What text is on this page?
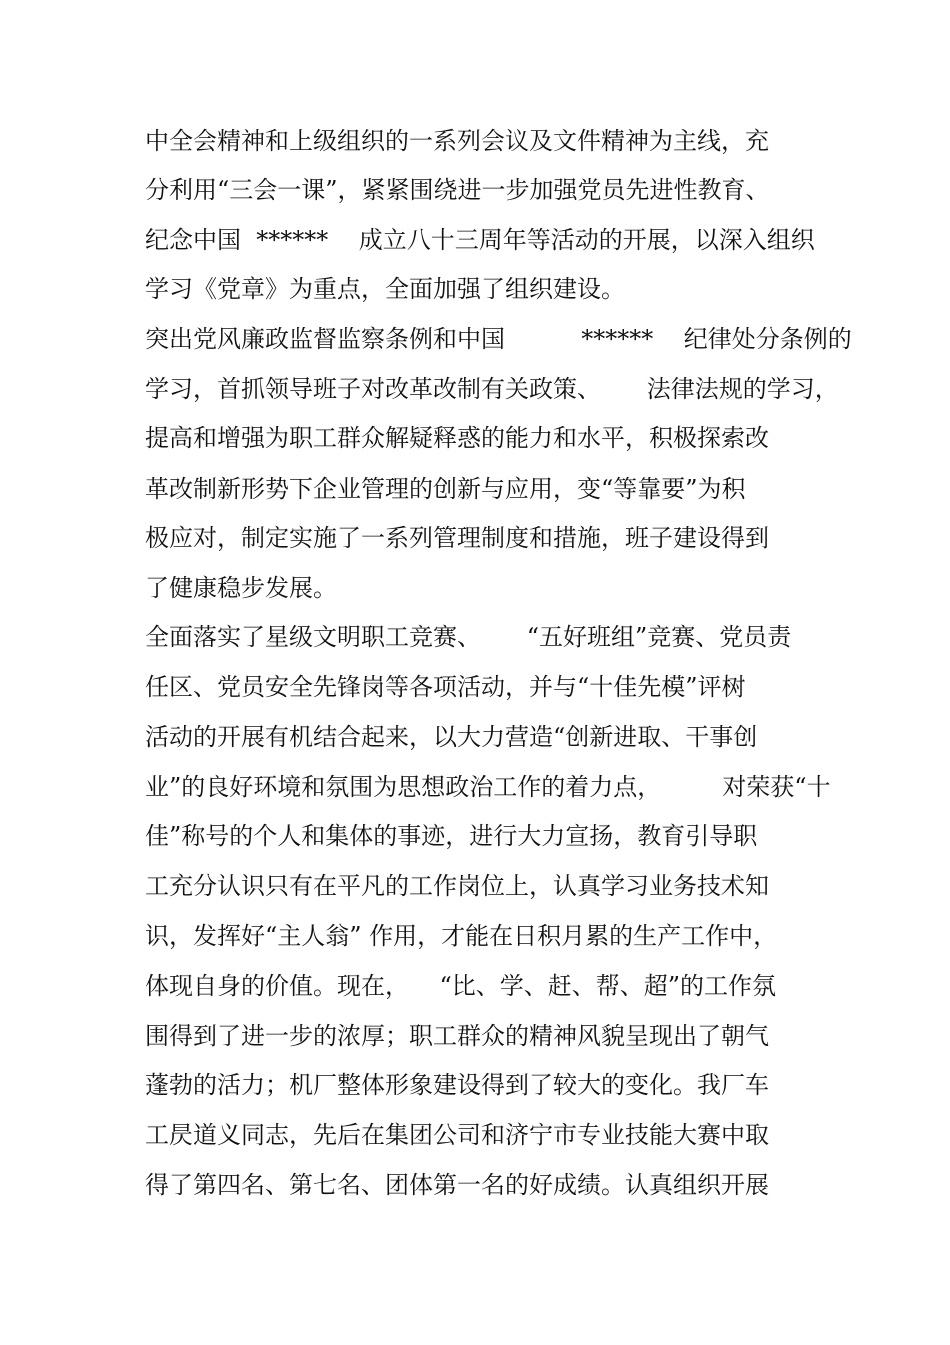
中全会精神和上级组织的一系列会议及文件精神为主线，充
分利用“三会一课”，紧紧围绕进一步加强党员先进性教育、
纪念中国  ******    成立八十三周年等活动的开展，以深入组织
学习《党章》为重点，全面加强了组织建设。
突出党风廉政监督监察条例和中国          ******    纪律处分条例的
学习，首抓领导班子对改革改制有关政策、      法律法规的学习，
提高和增强为职工群众解疑释惑的能力和水平，积极探索改
革改制新形势下企业管理的创新与应用，变“等靠要”为积
极应对，制定实施了一系列管理制度和措施，班子建设得到
了健康稳步发展。
全面落实了星级文明职工竞赛、      “五好班组”竞赛、党员责
任区、党员安全先锋岗等各项活动，并与“十佳先模”评树
活动的开展有机结合起来，以大力营造“创新进取、干事创
业”的良好环境和氛围为思想政治工作的着力点，        对荣获“十
佳”称号的个人和集体的事迹，进行大力宣扬，教育引导职
工充分认识只有在平凡的工作岗位上，认真学习业务技术知
识，发挥好“主人翁” 作用，才能在日积月累的生产工作中，
体现自身的价值。现在，    “比、学、赶、帮、超”的工作氛
围得到了进一步的浓厚；职工群众的精神风貌呈现出了朝气
蓬勃的活力；机厂整体形象建设得到了较大的变化。我厂车
工昃道义同志，先后在集团公司和济宁市专业技能大赛中取
得了第四名、第七名、团体第一名的好成绩。认真组织开展
